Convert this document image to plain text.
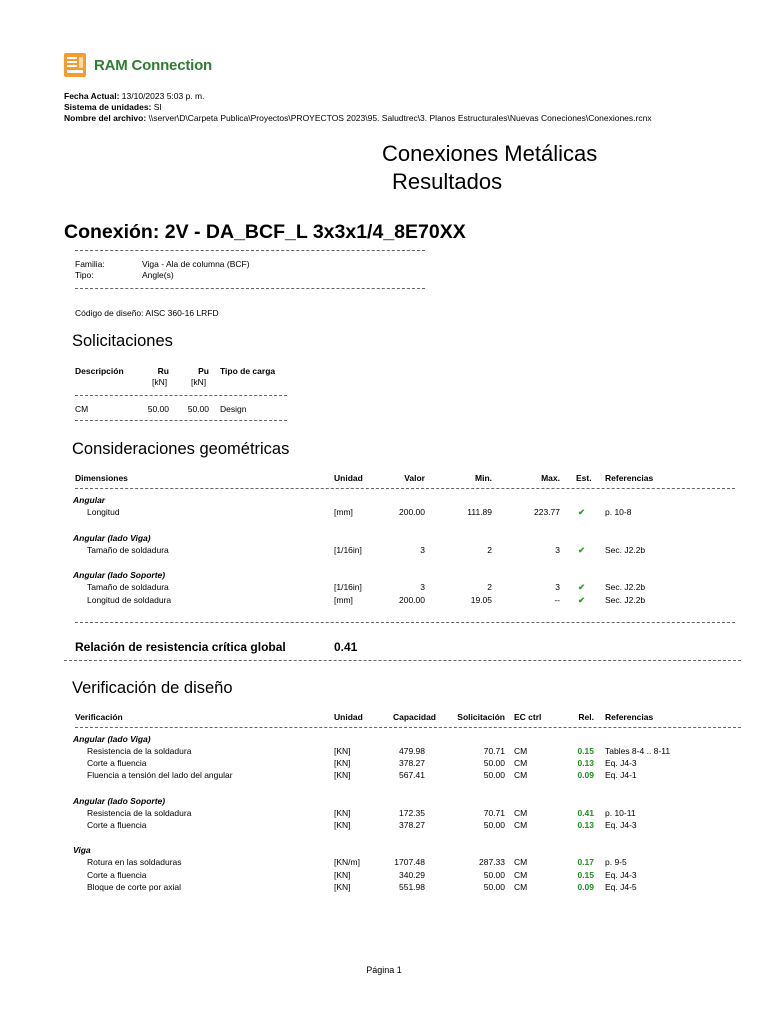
RAM Connection
Fecha Actual: 13/10/2023 5:03 p. m.
Sistema de unidades: SI
Nombre del archivo: \\server\D\Carpeta Publica\Proyectos\PROYECTOS 2023\95. Saludtrec\3. Planos Estructurales\Nuevas Coneciones\Conexiones.rcnx
Conexiones Metálicas
Resultados
Conexión: 2V - DA_BCF_L 3x3x1/4_8E70XX
Familia:	Viga - Ala de columna (BCF)
Tipo:	Angle(s)
Código de diseño: AISC 360-16 LRFD
Solicitaciones
Descripción	Ru	Pu Tipo de carga
[kN]	[kN]
CM	50.00	50.00 Design
Consideraciones geométricas
Dimensiones	Unidad	Valor	Min.	Max. Est. Referencias
Angular
Longitud	[mm]	200.00	111.89	223.77 ✔ p. 10-8
Angular (lado Viga)
Tamaño de soldadura	[1/16in]	3	2	3 ✔ Sec. J2.2b
Angular (lado Soporte)
Tamaño de soldadura	[1/16in]	3	2	3 ✔ Sec. J2.2b
Longitud de soldadura	[mm]	200.00	19.05	-- ✔ Sec. J2.2b
Relación de resistencia crítica global	0.41
Verificación de diseño
Verificación	Unidad	Capacidad	Solicitación EC ctrl	Rel. Referencias
Angular (lado Viga)
Resistencia de la soldadura	[KN]	479.98	70.71 CM	0.15 Tables 8-4 .. 8-11
Corte a fluencia	[KN]	378.27	50.00 CM	0.13 Eq. J4-3
Fluencia a tensión del lado del angular	[KN]	567.41	50.00 CM	0.09 Eq. J4-1
Angular (lado Soporte)
Resistencia de la soldadura	[KN]	172.35	70.71 CM	0.41 p. 10-11
Corte a fluencia	[KN]	378.27	50.00 CM	0.13 Eq. J4-3
Viga
Rotura en las soldaduras	[KN/m]	1707.48	287.33 CM	0.17 p. 9-5
Corte a fluencia	[KN]	340.29	50.00 CM	0.15 Eq. J4-3
Bloque de corte por axial	[KN]	551.98	50.00 CM	0.09 Eq. J4-5
Página 1
